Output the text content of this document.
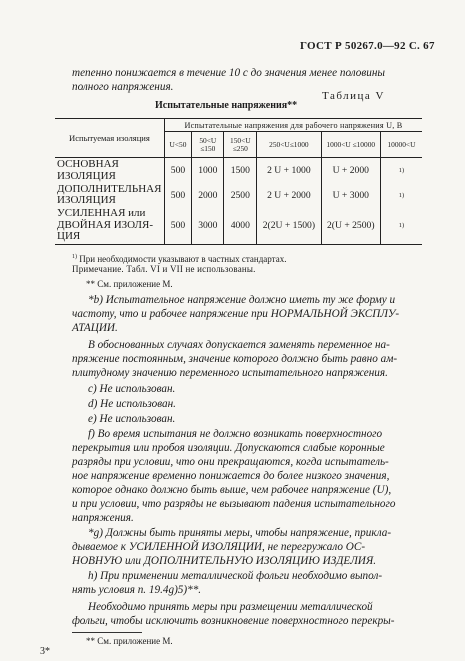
ГОСТ Р 50267.0—92 С. 67
тепенно понижается в течение 10 с до значения менее половины
полного напряжения.
Таблица V
Испытательные напряжения**
Испытуемая изоляция	Испытательные напряжения для рабочего напряжения U, В					
	U<50	50<U ≤150	150<U ≤250	250<U≤1000	1000<U ≤10000	10000<U

ОСНОВНАЯ
ИЗОЛЯЦИЯ	500	1000	1500	2 U + 1000	U + 2000	1)

ДОПОЛНИТЕЛЬНАЯ
ИЗОЛЯЦИЯ	500	2000	2500	2 U + 2000	U + 3000	1)

УСИЛЕННАЯ или
ДВОЙНАЯ ИЗОЛЯ-
ЦИЯ	500	3000	4000	2(2U + 1500)	2(U + 2500)	1)
$^{1)}$ При необходимости указывают в частных стандартах.
Примечание. Табл. VI и VII не использованы.
** См. приложение М.
*b) Испытательное напряжение должно иметь ту же форму и
частоту, что и рабочее напряжение при НОРМАЛЬНОЙ ЭКСПЛУ-
АТАЦИИ.
В обоснованных случаях допускается заменять переменное на-
пряжение постоянным, значение которого должно быть равно ам-
плитудному значению переменного испытательного напряжения.
c) Не использован.
d) Не использован.
e) Не использован.
f) Во время испытания не должно возникать поверхностного
перекрытия или пробоя изоляции. Допускаются слабые коронные
разряды при условии, что они прекращаются, когда испытатель-
ное напряжение временно понижается до более низкого значения,
которое однако должно быть выше, чем рабочее напряжение (U),
и при условии, что разряды не вызывают падения испытательного
напряжения.
*g) Должны быть приняты меры, чтобы напряжение, прикла-
дываемое к УСИЛЕННОЙ ИЗОЛЯЦИИ, не перегружало ОС-
НОВНУЮ или ДОПОЛНИТЕЛЬНУЮ ИЗОЛЯЦИЮ ИЗДЕЛИЯ.
h) При применении металлической фольги необходимо выпол-
нять условия п. 19.4g)5)**.
Необходимо принять меры при размещении металлической
фольги, чтобы исключить возникновение поверхностного перекры-
** См. приложение М.
3*
